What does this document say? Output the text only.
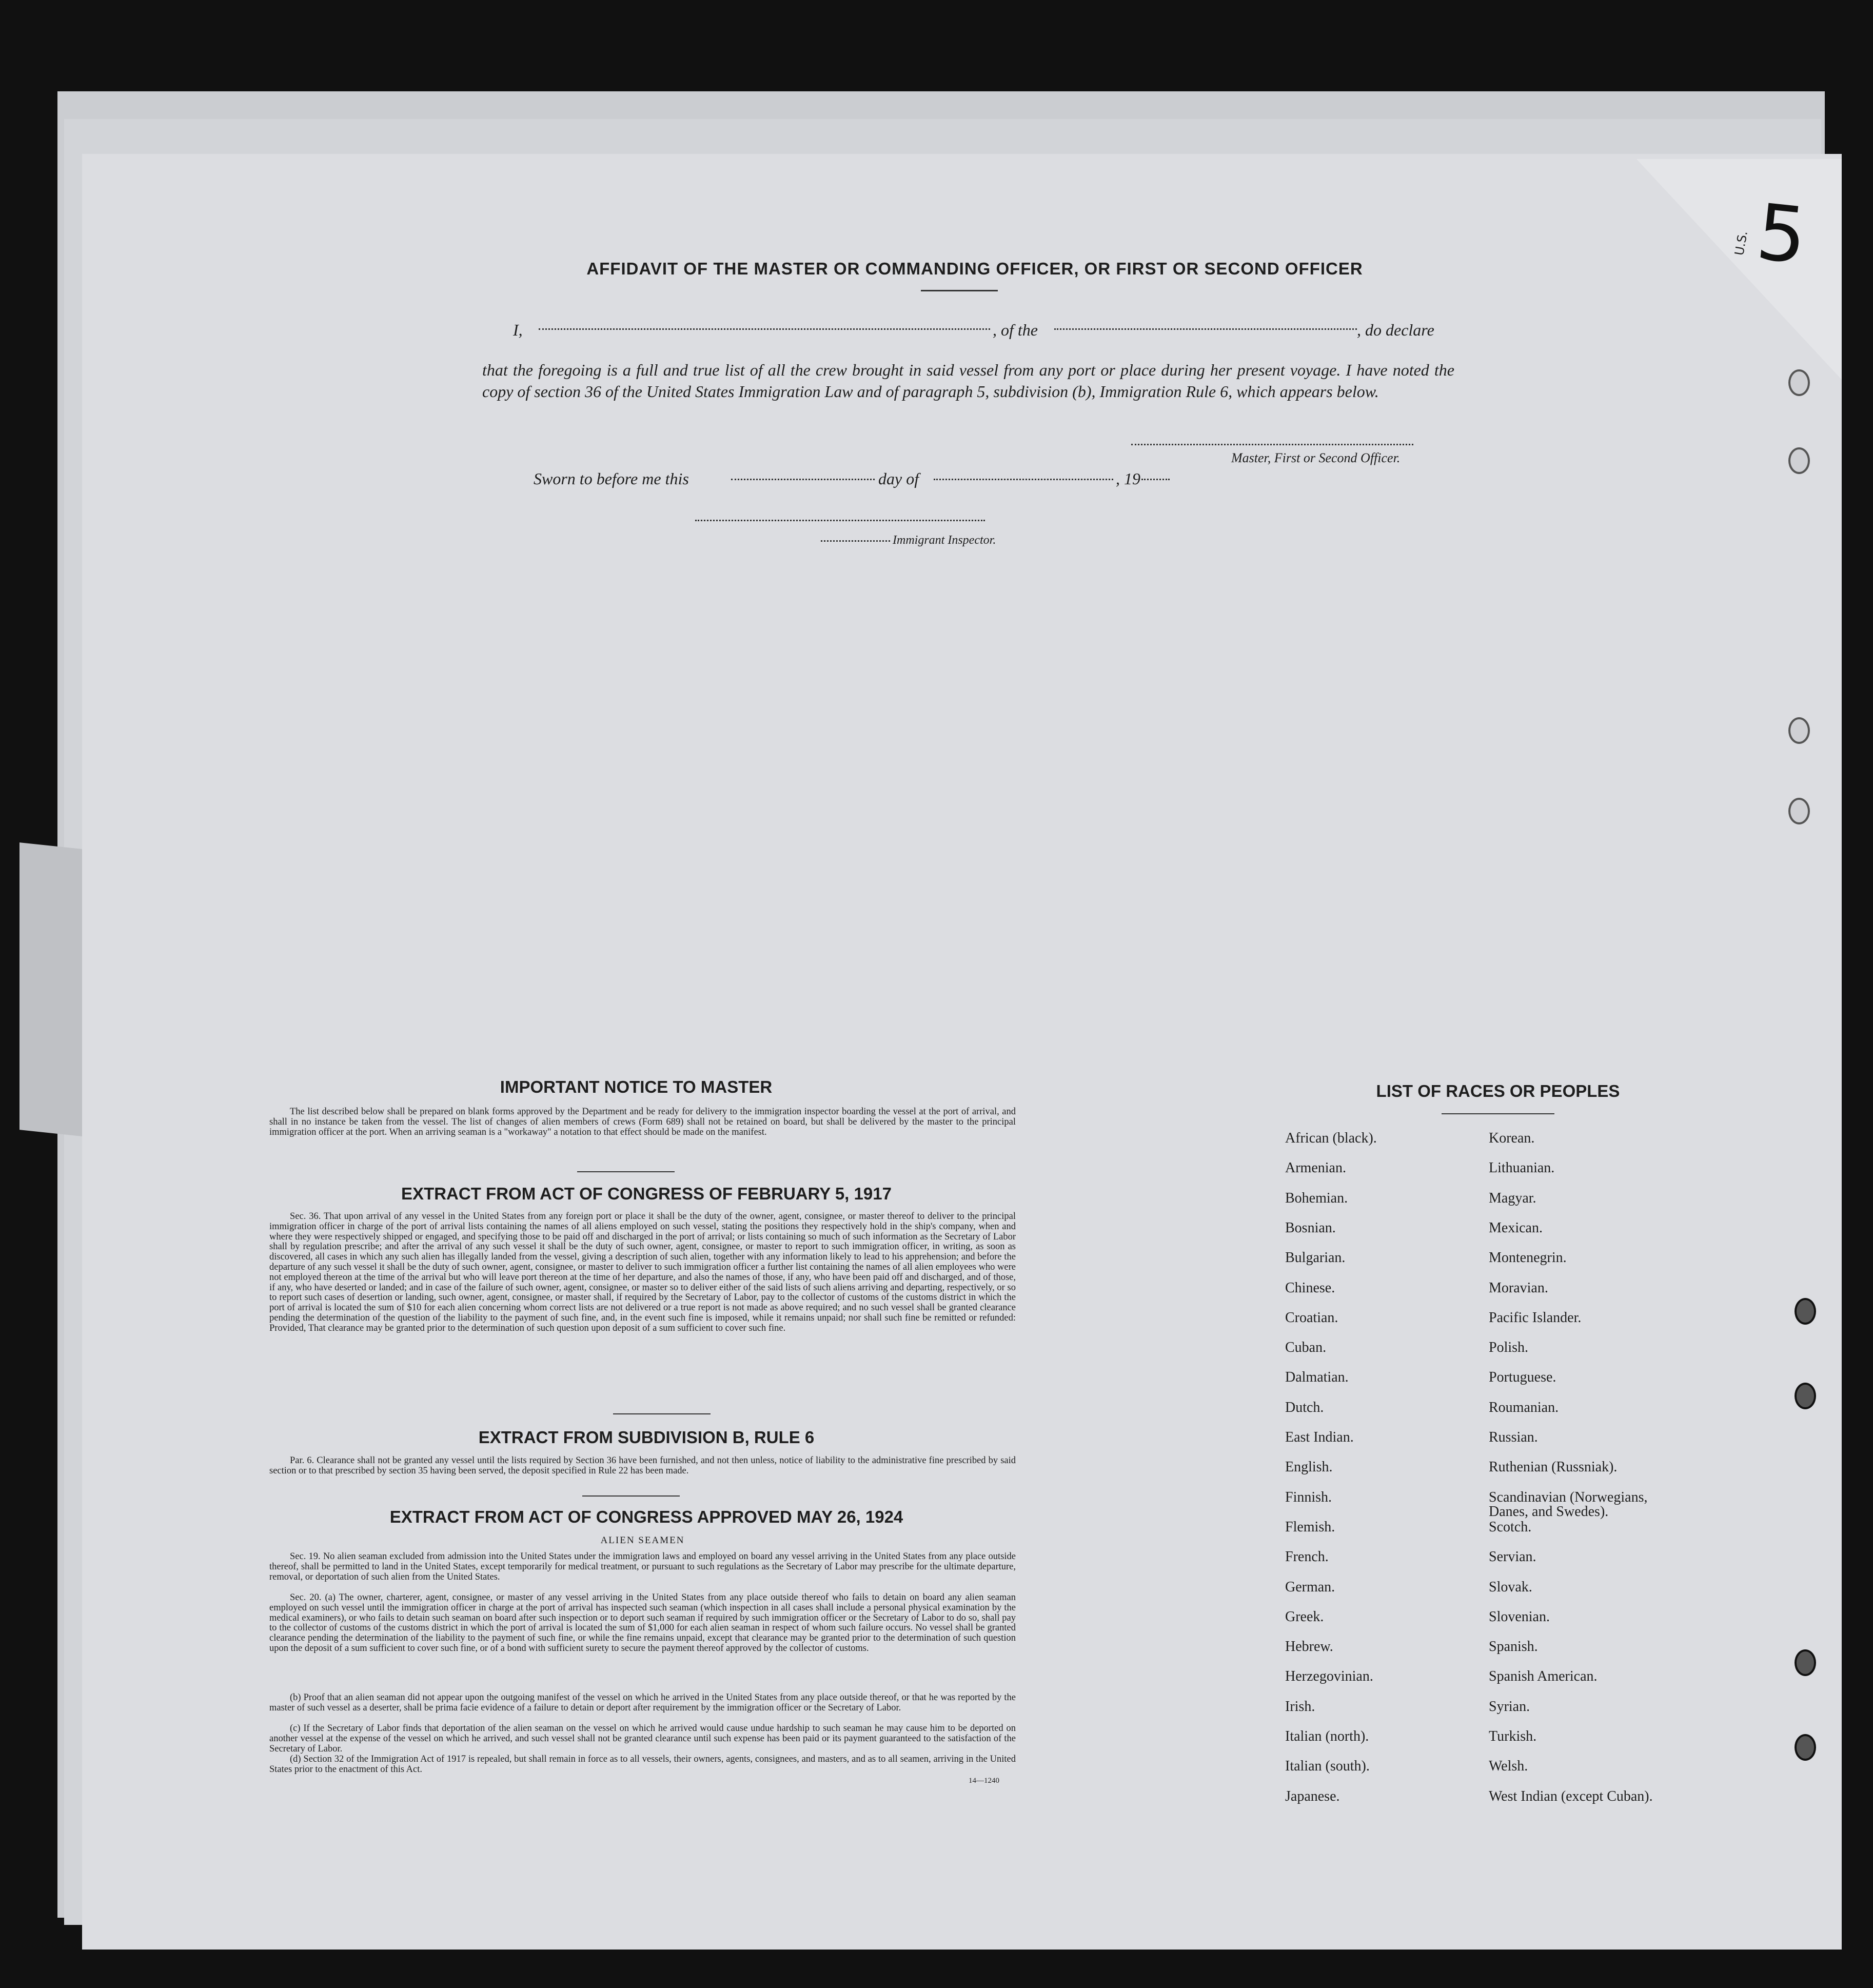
U.S. 5
AFFIDAVIT OF THE MASTER OR COMMANDING OFFICER, OR FIRST OR SECOND OFFICER
I,	, of the	, do declare
that the foregoing is a full and true list of all the crew brought in said vessel from any port or place during her present voyage. I have noted the copy of section 36 of the United States Immigration Law and of paragraph 5, subdivision (b), Immigration Rule 6, which appears below.
Master, First or Second Officer.
Sworn to before me this	day of	, 19
Immigrant Inspector.
IMPORTANT NOTICE TO MASTER
The list described below shall be prepared on blank forms approved by the Department and be ready for delivery to the immigration inspector boarding the vessel at the port of arrival, and shall in no instance be taken from the vessel. The list of changes of alien members of crews (Form 689) shall not be retained on board, but shall be delivered by the master to the principal immigration officer at the port. When an arriving seaman is a "workaway" a notation to that effect should be made on the manifest.
EXTRACT FROM ACT OF CONGRESS OF FEBRUARY 5, 1917
Sec. 36. That upon arrival of any vessel in the United States from any foreign port or place it shall be the duty of the owner, agent, consignee, or master thereof to deliver to the principal immigration officer in charge of the port of arrival lists containing the names of all aliens employed on such vessel, stating the positions they respectively hold in the ship's company, when and where they were respectively shipped or engaged, and specifying those to be paid off and discharged in the port of arrival; or lists containing so much of such information as the Secretary of Labor shall by regulation prescribe; and after the arrival of any such vessel it shall be the duty of such owner, agent, consignee, or master to report to such immigration officer, in writing, as soon as discovered, all cases in which any such alien has illegally landed from the vessel, giving a description of such alien, together with any information likely to lead to his apprehension; and before the departure of any such vessel it shall be the duty of such owner, agent, consignee, or master to deliver to such immigration officer a further list containing the names of all alien employees who were not employed thereon at the time of the arrival but who will leave port thereon at the time of her departure, and also the names of those, if any, who have been paid off and discharged, and of those, if any, who have deserted or landed; and in case of the failure of such owner, agent, consignee, or master so to deliver either of the said lists of such aliens arriving and departing, respectively, or so to report such cases of desertion or landing, such owner, agent, consignee, or master shall, if required by the Secretary of Labor, pay to the collector of customs of the customs district in which the port of arrival is located the sum of $10 for each alien concerning whom correct lists are not delivered or a true report is not made as above required; and no such vessel shall be granted clearance pending the determination of the question of the liability to the payment of such fine, and, in the event such fine is imposed, while it remains unpaid; nor shall such fine be remitted or refunded: Provided, That clearance may be granted prior to the determination of such question upon deposit of a sum sufficient to cover such fine.
EXTRACT FROM SUBDIVISION B, RULE 6
Par. 6. Clearance shall not be granted any vessel until the lists required by Section 36 have been furnished, and not then unless, notice of liability to the administrative fine prescribed by said section or to that prescribed by section 35 having been served, the deposit specified in Rule 22 has been made.
EXTRACT FROM ACT OF CONGRESS APPROVED MAY 26, 1924
ALIEN SEAMEN
Sec. 19. No alien seaman excluded from admission into the United States under the immigration laws and employed on board any vessel arriving in the United States from any place outside thereof, shall be permitted to land in the United States, except temporarily for medical treatment, or pursuant to such regulations as the Secretary of Labor may prescribe for the ultimate departure, removal, or deportation of such alien from the United States.
Sec. 20. (a) The owner, charterer, agent, consignee, or master of any vessel arriving in the United States from any place outside thereof who fails to detain on board any alien seaman employed on such vessel until the immigration officer in charge at the port of arrival has inspected such seaman (which inspection in all cases shall include a personal physical examination by the medical examiners), or who fails to detain such seaman on board after such inspection or to deport such seaman if required by such immigration officer or the Secretary of Labor to do so, shall pay to the collector of customs of the customs district in which the port of arrival is located the sum of $1,000 for each alien seaman in respect of whom such failure occurs. No vessel shall be granted clearance pending the determination of the liability to the payment of such fine, or while the fine remains unpaid, except that clearance may be granted prior to the determination of such question upon the deposit of a sum sufficient to cover such fine, or of a bond with sufficient surety to secure the payment thereof approved by the collector of customs.
(b) Proof that an alien seaman did not appear upon the outgoing manifest of the vessel on which he arrived in the United States from any place outside thereof, or that he was reported by the master of such vessel as a deserter, shall be prima facie evidence of a failure to detain or deport after requirement by the immigration officer or the Secretary of Labor.
(c) If the Secretary of Labor finds that deportation of the alien seaman on the vessel on which he arrived would cause undue hardship to such seaman he may cause him to be deported on another vessel at the expense of the vessel on which he arrived, and such vessel shall not be granted clearance until such expense has been paid or its payment guaranteed to the satisfaction of the Secretary of Labor.
(d) Section 32 of the Immigration Act of 1917 is repealed, but shall remain in force as to all vessels, their owners, agents, consignees, and masters, and as to all seamen, arriving in the United States prior to the enactment of this Act.
14—1240
LIST OF RACES OR PEOPLES
African (black).
Armenian.
Bohemian.
Bosnian.
Bulgarian.
Chinese.
Croatian.
Cuban.
Dalmatian.
Dutch.
East Indian.
English.
Finnish.
Flemish.
French.
German.
Greek.
Hebrew.
Herzegovinian.
Irish.
Italian (north).
Italian (south).
Japanese.
Korean.
Lithuanian.
Magyar.
Mexican.
Montenegrin.
Moravian.
Pacific Islander.
Polish.
Portuguese.
Roumanian.
Russian.
Ruthenian (Russniak).
Scandinavian (Norwegians, Danes, and Swedes).
Scotch.
Servian.
Slovak.
Slovenian.
Spanish.
Spanish American.
Syrian.
Turkish.
Welsh.
West Indian (except Cuban).
